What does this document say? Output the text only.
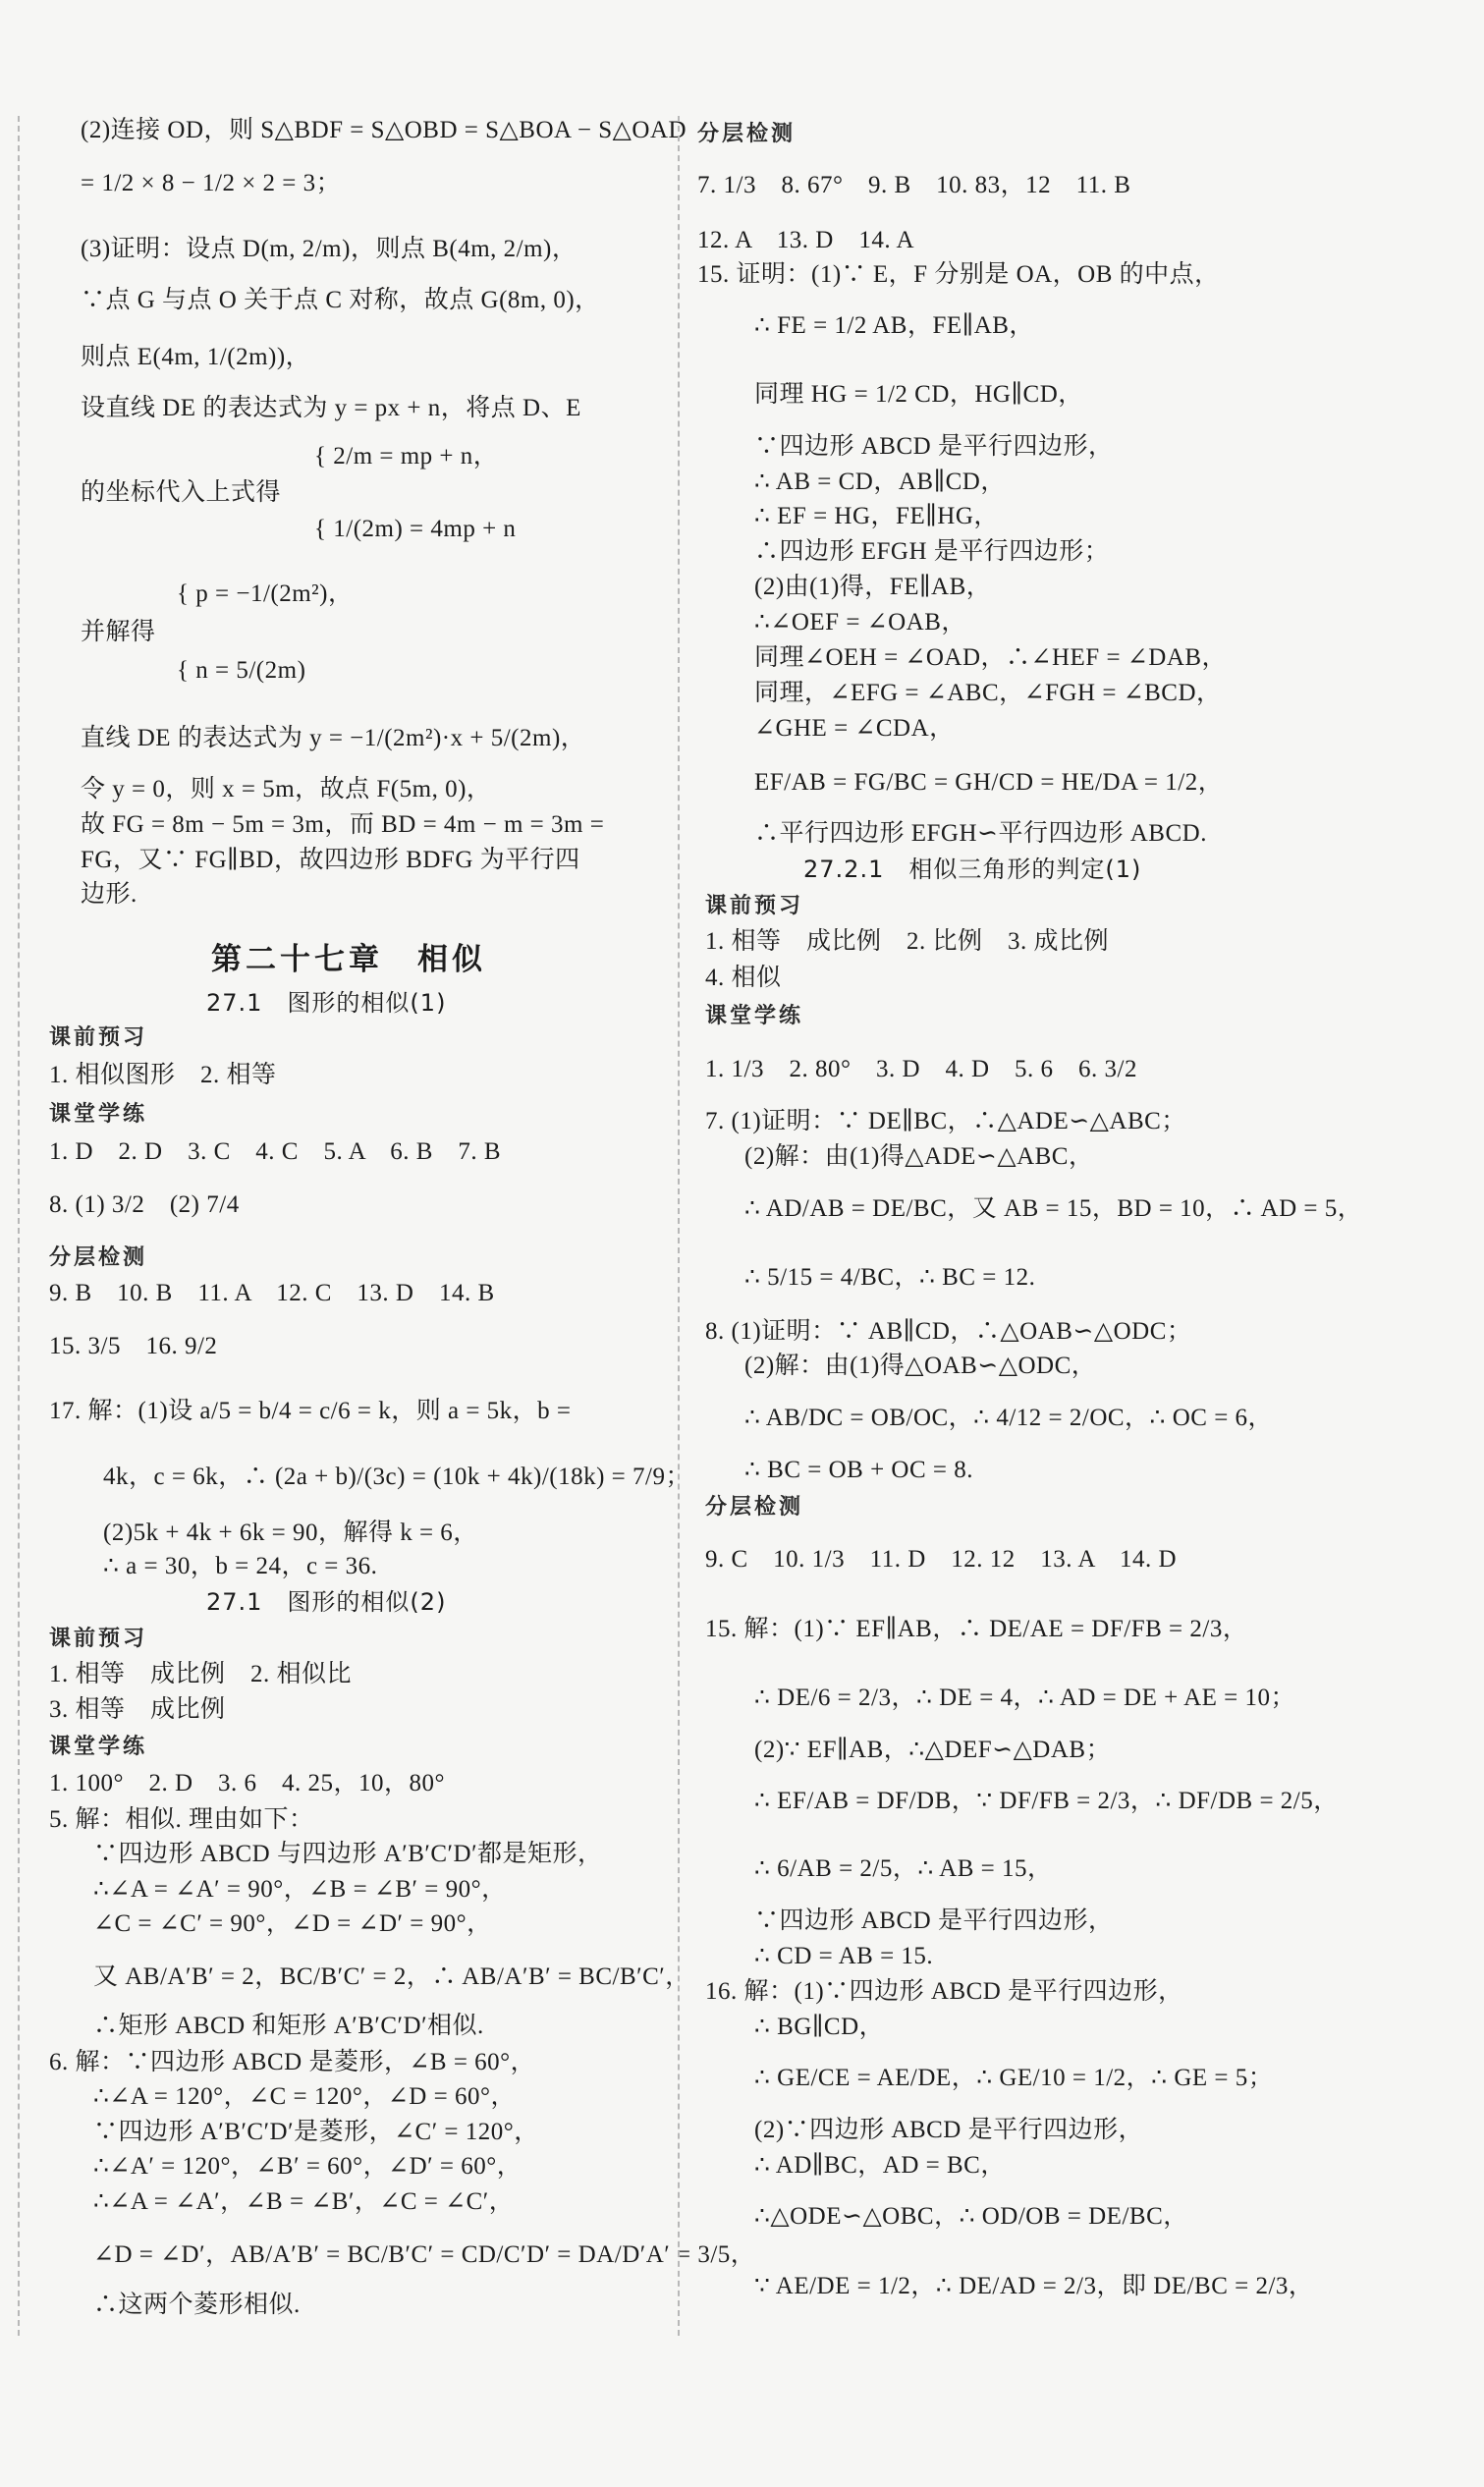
(2)连接 OD，则 S△BDF = S△OBD = S△BOA − S△OAD
= 1/2 × 8 − 1/2 × 2 = 3；
(3)证明：设点 D(m, 2/m)，则点 B(4m, 2/m)，
∵点 G 与点 O 关于点 C 对称，故点 G(8m, 0)，
则点 E(4m, 1/(2m))，
设直线 DE 的表达式为 y = px + n，将点 D、E
{ 2/m = mp + n，
的坐标代入上式得
{ 1/(2m) = 4mp + n
{ p = −1/(2m²)，
并解得
{ n = 5/(2m)
直线 DE 的表达式为 y = −1/(2m²)·x + 5/(2m)，
令 y = 0，则 x = 5m，故点 F(5m, 0)，
故 FG = 8m − 5m = 3m，而 BD = 4m − m = 3m =
FG，又∵ FG∥BD，故四边形 BDFG 为平行四
边形.
第二十七章　相似
27.1　图形的相似(1)
课前预习
1. 相似图形　2. 相等
课堂学练
1. D　2. D　3. C　4. C　5. A　6. B　7. B
8. (1) 3/2　(2) 7/4
分层检测
9. B　10. B　11. A　12. C　13. D　14. B
15. 3/5　16. 9/2
17. 解：(1)设 a/5 = b/4 = c/6 = k，则 a = 5k，b =
4k，c = 6k，∴ (2a + b)/(3c) = (10k + 4k)/(18k) = 7/9；
(2)5k + 4k + 6k = 90，解得 k = 6，
∴ a = 30，b = 24，c = 36.
27.1　图形的相似(2)
课前预习
1. 相等　成比例　2. 相似比
3. 相等　成比例
课堂学练
1. 100°　2. D　3. 6　4. 25，10，80°
5. 解：相似. 理由如下：
∵四边形 ABCD 与四边形 A′B′C′D′都是矩形，
∴∠A = ∠A′ = 90°，∠B = ∠B′ = 90°，
∠C = ∠C′ = 90°，∠D = ∠D′ = 90°，
又 AB/A′B′ = 2，BC/B′C′ = 2，∴ AB/A′B′ = BC/B′C′，
∴矩形 ABCD 和矩形 A′B′C′D′相似.
6. 解：∵四边形 ABCD 是菱形，∠B = 60°，
∴∠A = 120°，∠C = 120°，∠D = 60°，
∵四边形 A′B′C′D′是菱形，∠C′ = 120°，
∴∠A′ = 120°，∠B′ = 60°，∠D′ = 60°，
∴∠A = ∠A′，∠B = ∠B′，∠C = ∠C′，
∠D = ∠D′，AB/A′B′ = BC/B′C′ = CD/C′D′ = DA/D′A′ = 3/5，
∴这两个菱形相似.
分层检测
7. 1/3　8. 67°　9. B　10. 83，12　11. B
12. A　13. D　14. A
15. 证明：(1)∵ E，F 分别是 OA，OB 的中点，
∴ FE = 1/2 AB，FE∥AB，
同理 HG = 1/2 CD，HG∥CD，
∵四边形 ABCD 是平行四边形，
∴ AB = CD，AB∥CD，
∴ EF = HG，FE∥HG，
∴四边形 EFGH 是平行四边形；
(2)由(1)得，FE∥AB，
∴∠OEF = ∠OAB，
同理∠OEH = ∠OAD，∴∠HEF = ∠DAB，
同理，∠EFG = ∠ABC，∠FGH = ∠BCD，
∠GHE = ∠CDA，
EF/AB = FG/BC = GH/CD = HE/DA = 1/2，
∴平行四边形 EFGH∽平行四边形 ABCD.
27.2.1　相似三角形的判定(1)
课前预习
1. 相等　成比例　2. 比例　3. 成比例
4. 相似
课堂学练
1. 1/3　2. 80°　3. D　4. D　5. 6　6. 3/2
7. (1)证明：∵ DE∥BC，∴△ADE∽△ABC；
(2)解：由(1)得△ADE∽△ABC，
∴ AD/AB = DE/BC，又 AB = 15，BD = 10，∴ AD = 5，
∴ 5/15 = 4/BC，∴ BC = 12.
8. (1)证明：∵ AB∥CD，∴△OAB∽△ODC；
(2)解：由(1)得△OAB∽△ODC，
∴ AB/DC = OB/OC，∴ 4/12 = 2/OC，∴ OC = 6，
∴ BC = OB + OC = 8.
分层检测
9. C　10. 1/3　11. D　12. 12　13. A　14. D
15. 解：(1)∵ EF∥AB，∴ DE/AE = DF/FB = 2/3，
∴ DE/6 = 2/3，∴ DE = 4，∴ AD = DE + AE = 10；
(2)∵ EF∥AB，∴△DEF∽△DAB；
∴ EF/AB = DF/DB，∵ DF/FB = 2/3，∴ DF/DB = 2/5，
∴ 6/AB = 2/5，∴ AB = 15，
∵四边形 ABCD 是平行四边形，
∴ CD = AB = 15.
16. 解：(1)∵四边形 ABCD 是平行四边形，
∴ BG∥CD，
∴ GE/CE = AE/DE，∴ GE/10 = 1/2，∴ GE = 5；
(2)∵四边形 ABCD 是平行四边形，
∴ AD∥BC，AD = BC，
∴△ODE∽△OBC，∴ OD/OB = DE/BC，
∵ AE/DE = 1/2，∴ DE/AD = 2/3，即 DE/BC = 2/3，
